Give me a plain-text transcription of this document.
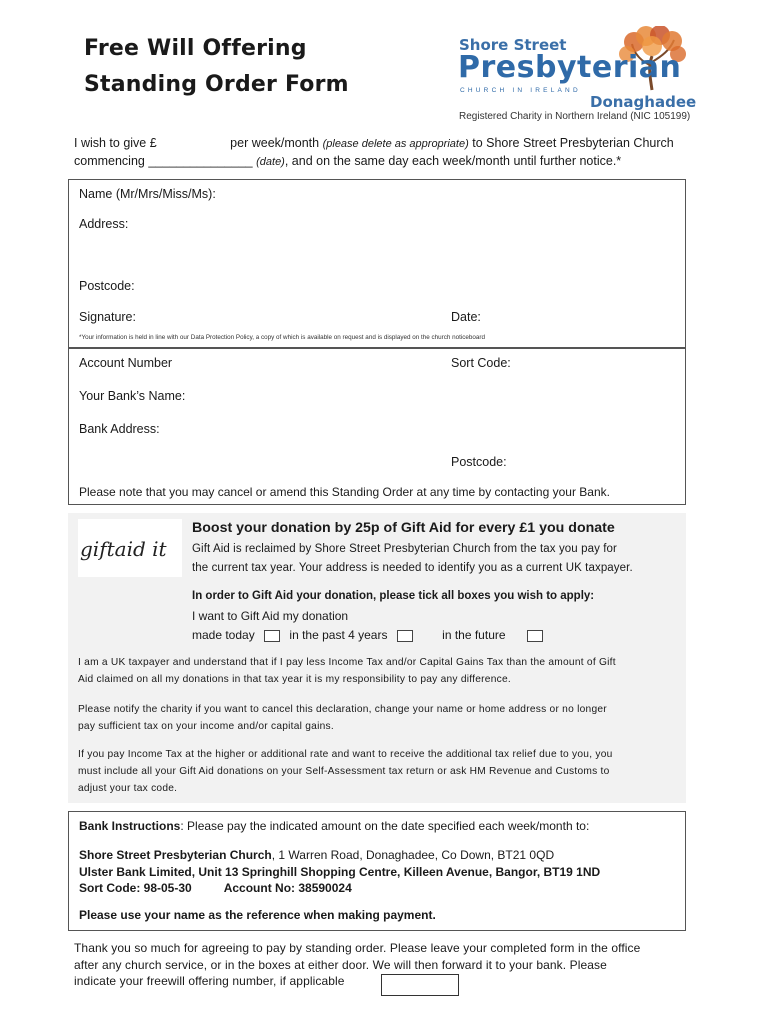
Free Will Offering
Standing Order Form
Shore Street
Presbyterian
CHURCH IN IRELAND
Donaghadee
Registered Charity in Northern Ireland (NIC 105199)
I wish to give £	per week/month (please delete as appropriate) to Shore Street Presbyterian Church
commencing _______________ (date), and on the same day each week/month until further notice.*
Name (Mr/Mrs/Miss/Ms):
Address:
Postcode:
Signature:	Date:
*Your information is held in line with our Data Protection Policy, a copy of which is available on request and is displayed on the church noticeboard
Account Number	Sort Code:
Your Bank’s Name:
Bank Address:
Postcode:
Please note that you may cancel or amend this Standing Order at any time by contacting your Bank.
giftaid it
Boost your donation by 25p of Gift Aid for every £1 you donate
Gift Aid is reclaimed by Shore Street Presbyterian Church from the tax you pay for
the current tax year. Your address is needed to identify you as a current UK taxpayer.
In order to Gift Aid your donation, please tick all boxes you wish to apply:
I want to Gift Aid my donation
made today	in the past 4 years	in the future
I am a UK taxpayer and understand that if I pay less Income Tax and/or Capital Gains Tax than the amount of Gift
Aid claimed on all my donations in that tax year it is my responsibility to pay any difference.
Please notify the charity if you want to cancel this declaration, change your name or home address or no longer
pay sufficient tax on your income and/or capital gains.
If you pay Income Tax at the higher or additional rate and want to receive the additional tax relief due to you, you
must include all your Gift Aid donations on your Self-Assessment tax return or ask HM Revenue and Customs to
adjust your tax code.
Bank Instructions: Please pay the indicated amount on the date specified each week/month to:
Shore Street Presbyterian Church, 1 Warren Road, Donaghadee, Co Down, BT21 0QD
Ulster Bank Limited, Unit 13 Springhill Shopping Centre, Killeen Avenue, Bangor, BT19 1ND
Sort Code: 98-05-30	Account No: 38590024
Please use your name as the reference when making payment.
Thank you so much for agreeing to pay by standing order. Please leave your completed form in the office
after any church service, or in the boxes at either door. We will then forward it to your bank. Please
indicate your freewill offering number, if applicable
